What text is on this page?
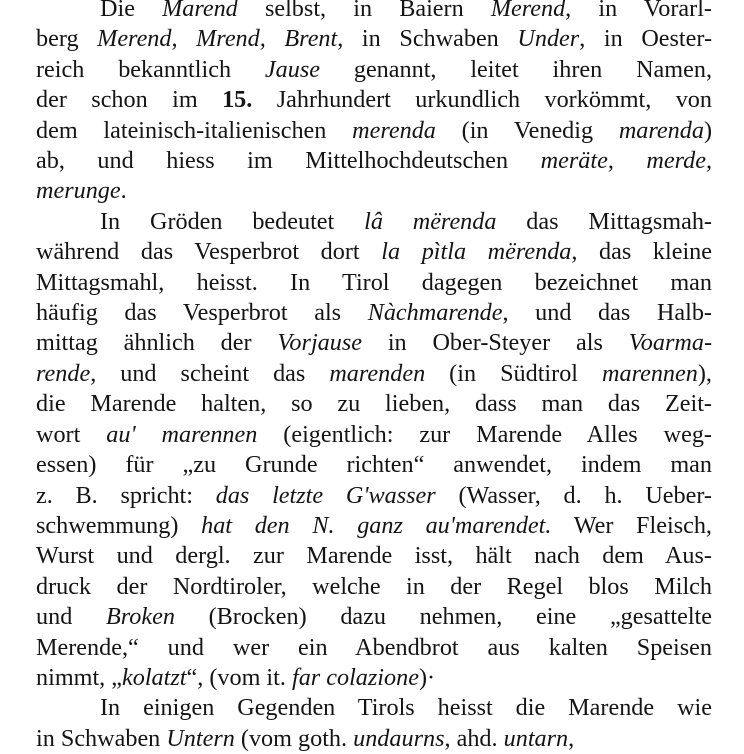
Die Marend selbst, in Baiern Merend, in Vorarl-
berg Merend, Mrend, Brent, in Schwaben Under, in Oester-
reich bekanntlich Jause genannt, leitet ihren Namen,
der schon im 15. Jahrhundert urkundlich vorkömmt, von
dem lateinisch-italienischen merenda (in Venedig marenda)
ab, und hiess im Mittelhochdeutschen meräte, merde,
merunge.
In Gröden bedeutet lâ mërenda das Mittagsmah-
während das Vesperbrot dort la pìtla mërenda, das kleine
Mittagsmahl, heisst. In Tirol dagegen bezeichnet man
häufig das Vesperbrot als Nàchmarende, und das Halb-
mittag ähnlich der Vorjause in Ober-Steyer als Voarma-
rende, und scheint das marenden (in Südtirol marennen),
die Marende halten, so zu lieben, dass man das Zeit-
wort au' marennen (eigentlich: zur Marende Alles weg-
essen) für „zu Grunde richten“ anwendet, indem man
z. B. spricht: das letzte G'wasser (Wasser, d. h. Ueber-
schwemmung) hat den N. ganz au'marendet. Wer Fleisch,
Wurst und dergl. zur Marende isst, hält nach dem Aus-
druck der Nordtiroler, welche in der Regel blos Milch
und Broken (Brocken) dazu nehmen, eine „gesattelte
Merende,“ und wer ein Abendbrot aus kalten Speisen
nimmt, „kolatzt“, (vom it. far colazione)·
In einigen Gegenden Tirols heisst die Marende wie
in Schwaben Untern (vom goth. undaurns, ahd. untarn,
